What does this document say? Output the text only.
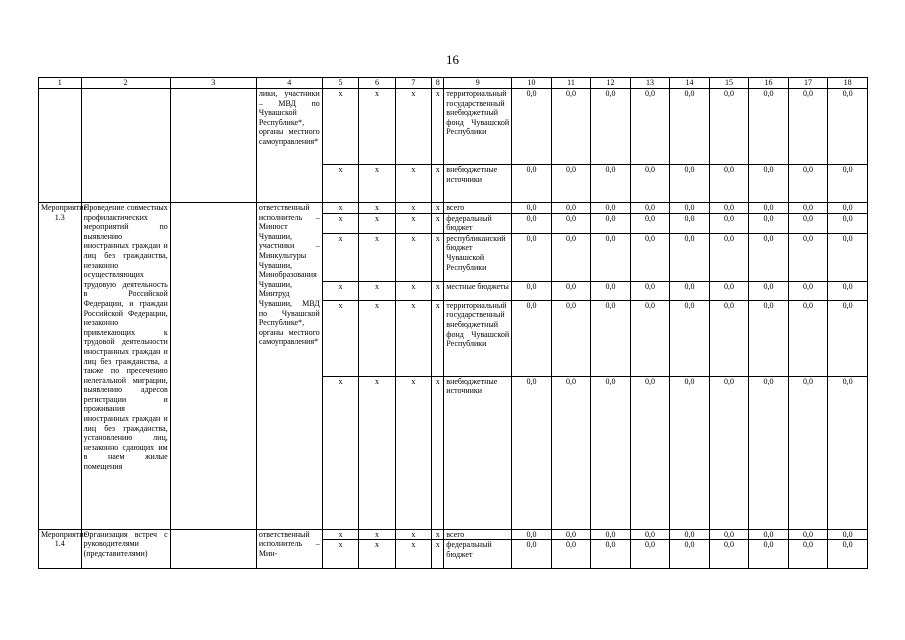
16
1	2	3	4	5	6	7	8	9	10	11	12	13	14	15	16	17	18
			лики, участники – МВД по Чувашской Республике*, органы местного самоуправления*	x	x	x	x	территориальный государственный внебюджетный фонд Чувашской Республики	0,0	0,0	0,0	0,0	0,0	0,0	0,0	0,0	0,0
				x	x	x	x	внебюджетные источники	0,0	0,0	0,0	0,0	0,0	0,0	0,0	0,0	0,0
Мероприятие 1.3	Проведение совместных профилактических мероприятий по выявлению иностранных граждан и лиц без гражданства, незаконно осуществляющих трудовую деятельность в Российской Федерации, и граждан Российской Федерации, незаконно привлекающих к трудовой деятельности иностранных граждан и лиц без гражданства, а также по пресечению нелегальной миграции, выявлению адресов регистрации и проживания иностранных граждан и лиц без гражданства, установлению лиц, незаконно сдающих им в наем жилые помещения		ответственный исполнитель – Минюст Чувашии, участники – Минкультуры Чувашии, Минобразования Чувашии, Минтруд Чувашии, МВД по Чувашской Республике*, органы местного самоуправления*	x	x	x	x	всего	0,0	0,0	0,0	0,0	0,0	0,0	0,0	0,0	0,0
				x	x	x	x	федеральный бюджет	0,0	0,0	0,0	0,0	0,0	0,0	0,0	0,0	0,0
				x	x	x	x	республиканский бюджет Чувашской Республики	0,0	0,0	0,0	0,0	0,0	0,0	0,0	0,0	0,0
				x	x	x	x	местные бюджеты	0,0	0,0	0,0	0,0	0,0	0,0	0,0	0,0	0,0
				x	x	x	x	территориальный государственный внебюджетный фонд Чувашской Республики	0,0	0,0	0,0	0,0	0,0	0,0	0,0	0,0	0,0
				x	x	x	x	внебюджетные источники	0,0	0,0	0,0	0,0	0,0	0,0	0,0	0,0	0,0
Мероприятие 1.4	Организация встреч с руководителями (представителями)		ответственный исполнитель – Мин-	x	x	x	x	всего	0,0	0,0	0,0	0,0	0,0	0,0	0,0	0,0	0,0
				x	x	x	x	федеральный бюджет	0,0	0,0	0,0	0,0	0,0	0,0	0,0	0,0	0,0
